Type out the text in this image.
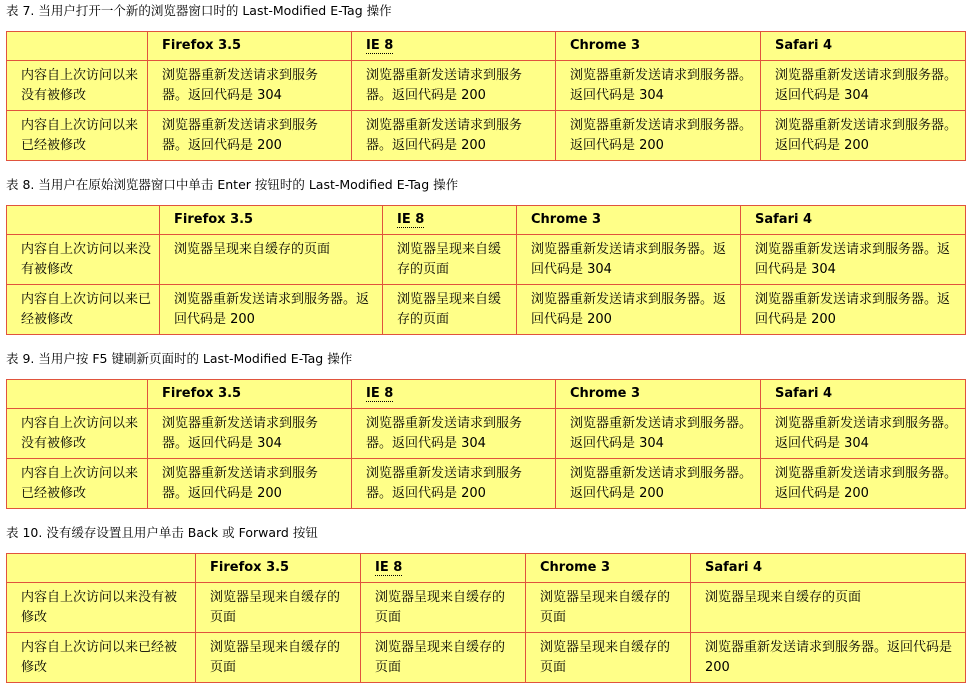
表 7. 当用户打开一个新的浏览器窗口时的 Last-Modified E-Tag 操作
	Firefox 3.5	IE 8	Chrome 3	Safari 4
内容自上次访问以来没有被修改	浏览器重新发送请求到服务器。返回代码是 304	浏览器重新发送请求到服务器。返回代码是 200	浏览器重新发送请求到服务器。返回代码是 304	浏览器重新发送请求到服务器。返回代码是 304
内容自上次访问以来已经被修改	浏览器重新发送请求到服务器。返回代码是 200	浏览器重新发送请求到服务器。返回代码是 200	浏览器重新发送请求到服务器。返回代码是 200	浏览器重新发送请求到服务器。返回代码是 200
表 8. 当用户在原始浏览器窗口中单击 Enter 按钮时的 Last-Modified E-Tag 操作
	Firefox 3.5	IE 8	Chrome 3	Safari 4
内容自上次访问以来没有被修改	浏览器呈现来自缓存的页面	浏览器呈现来自缓存的页面	浏览器重新发送请求到服务器。返回代码是 304	浏览器重新发送请求到服务器。返回代码是 304
内容自上次访问以来已经被修改	浏览器重新发送请求到服务器。返回代码是 200	浏览器呈现来自缓存的页面	浏览器重新发送请求到服务器。返回代码是 200	浏览器重新发送请求到服务器。返回代码是 200
表 9. 当用户按 F5 键刷新页面时的 Last-Modified E-Tag 操作
	Firefox 3.5	IE 8	Chrome 3	Safari 4
内容自上次访问以来没有被修改	浏览器重新发送请求到服务器。返回代码是 304	浏览器重新发送请求到服务器。返回代码是 304	浏览器重新发送请求到服务器。返回代码是 304	浏览器重新发送请求到服务器。返回代码是 304
内容自上次访问以来已经被修改	浏览器重新发送请求到服务器。返回代码是 200	浏览器重新发送请求到服务器。返回代码是 200	浏览器重新发送请求到服务器。返回代码是 200	浏览器重新发送请求到服务器。返回代码是 200
表 10. 没有缓存设置且用户单击 Back 或 Forward 按钮
	Firefox 3.5	IE 8	Chrome 3	Safari 4
内容自上次访问以来没有被修改	浏览器呈现来自缓存的页面	浏览器呈现来自缓存的页面	浏览器呈现来自缓存的页面	浏览器呈现来自缓存的页面
内容自上次访问以来已经被修改	浏览器呈现来自缓存的页面	浏览器呈现来自缓存的页面	浏览器呈现来自缓存的页面	浏览器重新发送请求到服务器。返回代码是 200
